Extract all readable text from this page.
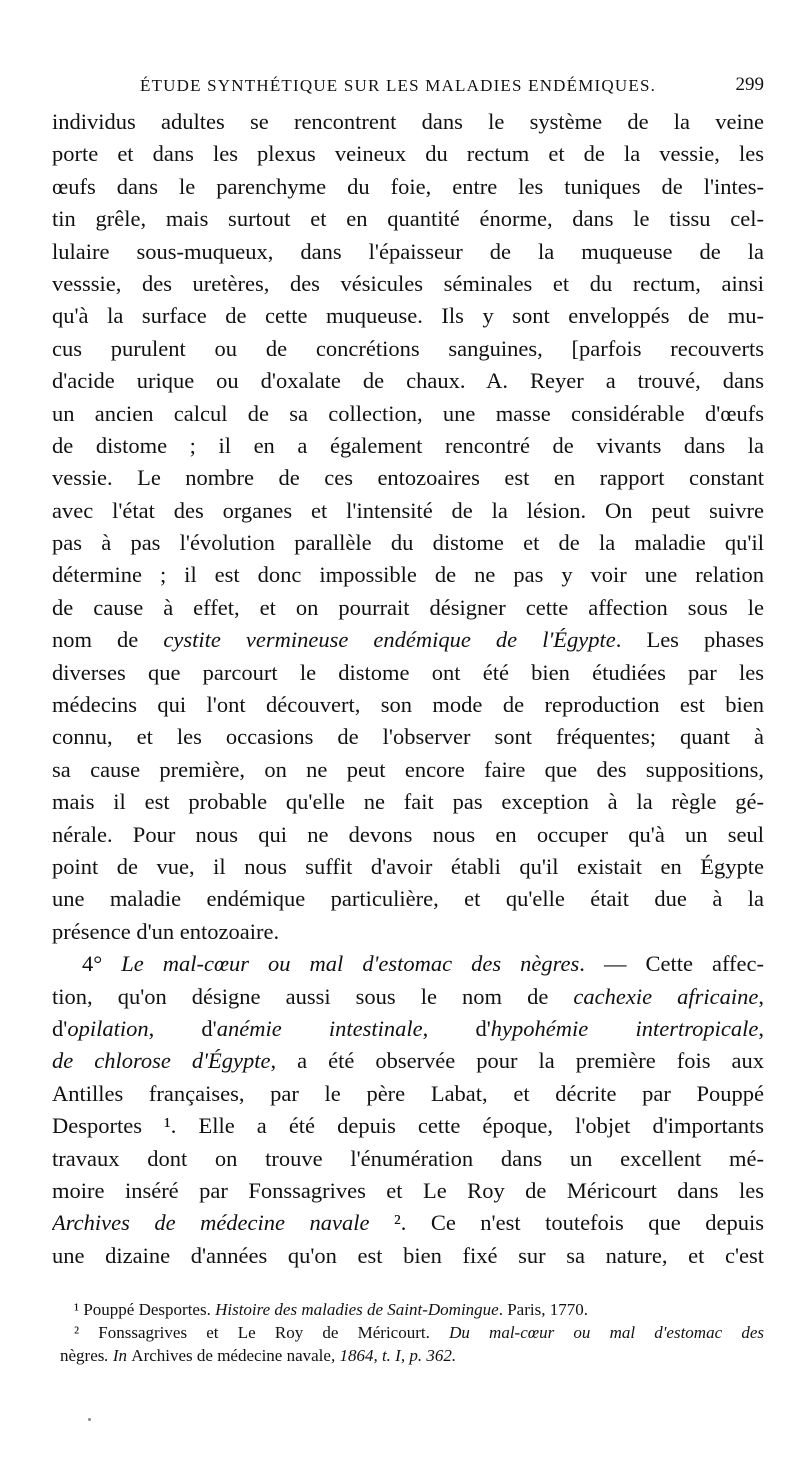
ÉTUDE SYNTHÉTIQUE SUR LES MALADIES ENDÉMIQUES.	299
individus adultes se rencontrent dans le système de la veine
porte et dans les plexus veineux du rectum et de la vessie, les
œufs dans le parenchyme du foie, entre les tuniques de l'intes-
tin grêle, mais surtout et en quantité énorme, dans le tissu cel-
lulaire sous-muqueux, dans l'épaisseur de la muqueuse de la
vesssie, des uretères, des vésicules séminales et du rectum, ainsi
qu'à la surface de cette muqueuse. Ils y sont enveloppés de mu-
cus purulent ou de concrétions sanguines, [parfois recouverts
d'acide urique ou d'oxalate de chaux. A. Reyer a trouvé, dans
un ancien calcul de sa collection, une masse considérable d'œufs
de distome ; il en a également rencontré de vivants dans la
vessie. Le nombre de ces entozoaires est en rapport constant
avec l'état des organes et l'intensité de la lésion. On peut suivre
pas à pas l'évolution parallèle du distome et de la maladie qu'il
détermine ; il est donc impossible de ne pas y voir une relation
de cause à effet, et on pourrait désigner cette affection sous le
nom de cystite vermineuse endémique de l'Égypte. Les phases
diverses que parcourt le distome ont été bien étudiées par les
médecins qui l'ont découvert, son mode de reproduction est bien
connu, et les occasions de l'observer sont fréquentes; quant à
sa cause première, on ne peut encore faire que des suppositions,
mais il est probable qu'elle ne fait pas exception à la règle gé-
nérale. Pour nous qui ne devons nous en occuper qu'à un seul
point de vue, il nous suffit d'avoir établi qu'il existait en Égypte
une maladie endémique particulière, et qu'elle était due à la
présence d'un entozoaire.
4° Le mal-cœur ou mal d'estomac des nègres. — Cette affec-
tion, qu'on désigne aussi sous le nom de cachexie africaine,
d'opilation, d'anémie intestinale, d'hypohémie intertropicale,
de chlorose d'Égypte, a été observée pour la première fois aux
Antilles françaises, par le père Labat, et décrite par Pouppé
Desportes ¹. Elle a été depuis cette époque, l'objet d'importants
travaux dont on trouve l'énumération dans un excellent mé-
moire inséré par Fonssagrives et Le Roy de Méricourt dans les
Archives de médecine navale ². Ce n'est toutefois que depuis
une dizaine d'années qu'on est bien fixé sur sa nature, et c'est
¹ Pouppé Desportes. Histoire des maladies de Saint-Domingue. Paris, 1770.
² Fonssagrives et Le Roy de Méricourt. Du mal-cœur ou mal d'estomac des
nègres. In Archives de médecine navale, 1864, t. I, p. 362.
